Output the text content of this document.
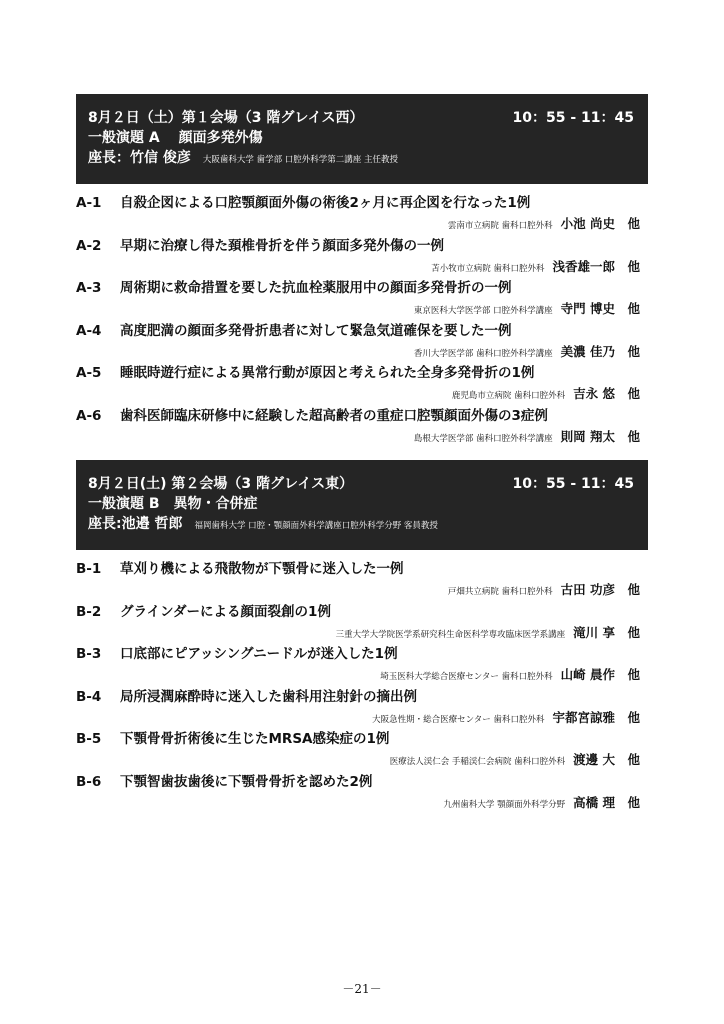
8月２日（土）第１会場（3 階グレイス西）	10：55 - 11：45
一般演題 A　 顔面多発外傷
座長：竹信 俊彦 大阪歯科大学 歯学部 口腔外科学第二講座 主任教授
A-1	自殺企図による口腔顎顔面外傷の術後2ヶ月に再企図を行なった1例
雲南市立病院 歯科口腔外科 小池 尚史　他
A-2	早期に治療し得た頚椎骨折を伴う顔面多発外傷の一例
苫小牧市立病院 歯科口腔外科 浅香雄一郎　他
A-3	周術期に救命措置を要した抗血栓薬服用中の顔面多発骨折の一例
東京医科大学医学部 口腔外科学講座 寺門 博史　他
A-4	高度肥満の顔面多発骨折患者に対して緊急気道確保を要した一例
香川大学医学部 歯科口腔外科学講座 美濃 佳乃　他
A-5	睡眠時遊行症による異常行動が原因と考えられた全身多発骨折の1例
鹿児島市立病院 歯科口腔外科 吉永 悠　他
A-6	歯科医師臨床研修中に経験した超高齢者の重症口腔顎顔面外傷の3症例
島根大学医学部 歯科口腔外科学講座 則岡 翔太　他
8月２日(土) 第２会場（3 階グレイス東）	10：55 - 11：45
一般演題 B　異物・合併症
座長:池邉 哲郎 福岡歯科大学 口腔・顎顔面外科学講座口腔外科学分野 客員教授
B-1	草刈り機による飛散物が下顎骨に迷入した一例
戸畑共立病院 歯科口腔外科 古田 功彦　他
B-2	グラインダーによる顔面裂創の1例
三重大学大学院医学系研究科生命医科学専攻臨床医学系講座 滝川 享　他
B-3	口底部にピアッシングニードルが迷入した1例
埼玉医科大学総合医療センター 歯科口腔外科 山崎 晨作　他
B-4	局所浸潤麻酔時に迷入した歯科用注射針の摘出例
大阪急性期・総合医療センター 歯科口腔外科 宇都宮諒雅　他
B-5	下顎骨骨折術後に生じたMRSA感染症の1例
医療法人渓仁会 手稲渓仁会病院 歯科口腔外科 渡邊 大　他
B-6	下顎智歯抜歯後に下顎骨骨折を認めた2例
九州歯科大学 顎顔面外科学分野 高橋 理　他
－21－
